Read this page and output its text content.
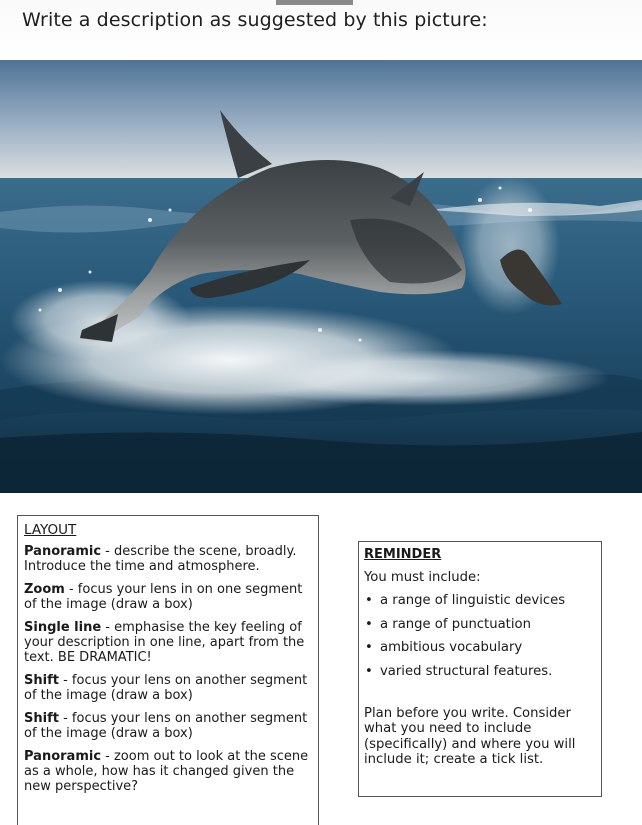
Write a description as suggested by this picture:
LAYOUT
Panoramic - describe the scene, broadly. Introduce the time and atmosphere.
Zoom - focus your lens in on one segment of the image (draw a box)
Single line - emphasise the key feeling of your description in one line, apart from the text. BE DRAMATIC!
Shift - focus your lens on another segment of the image (draw a box)
Shift - focus your lens on another segment of the image (draw a box)
Panoramic - zoom out to look at the scene as a whole, how has it changed given the new perspective?
REMINDER
You must include:
• a range of linguistic devices
• a range of punctuation
• ambitious vocabulary
• varied structural features.
Plan before you write. Consider what you need to include (specifically) and where you will include it; create a tick list.
